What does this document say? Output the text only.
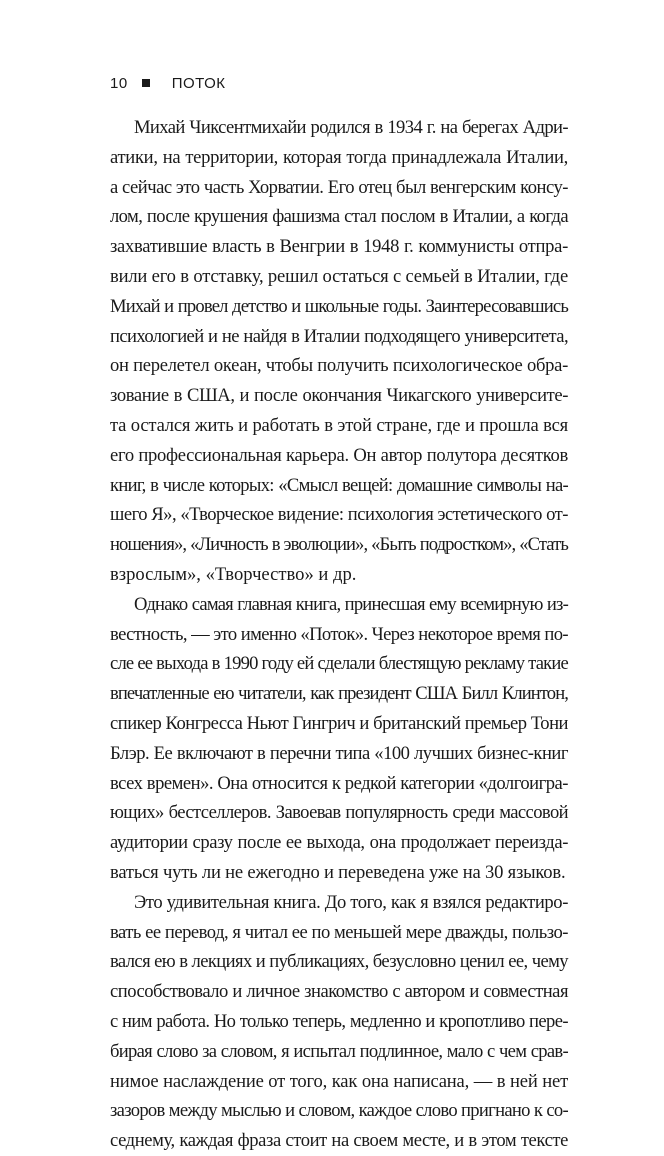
10	ПОТОК
Михай Чиксентмихайи родился в 1934 г. на берегах Адри-
атики, на территории, которая тогда принадлежала Италии,
а сейчас это часть Хорватии. Его отец был венгерским консу-
лом, после крушения фашизма стал послом в Италии, а когда
захватившие власть в Венгрии в 1948 г. коммунисты отпра-
вили его в отставку, решил остаться с семьей в Италии, где
Михай и провел детство и школьные годы. Заинтересовавшись
психологией и не найдя в Италии подходящего университета,
он перелетел океан, чтобы получить психологическое обра-
зование в США, и после окончания Чикагского университе-
та остался жить и работать в этой стране, где и прошла вся
его профессиональная карьера. Он автор полутора десятков
книг, в числе которых: «Смысл вещей: домашние символы на-
шего Я», «Творческое видение: психология эстетического от-
ношения», «Личность в эволюции», «Быть подростком», «Стать
взрослым», «Творчество» и др.
Однако самая главная книга, принесшая ему всемирную из-
вестность, — это именно «Поток». Через некоторое время по-
сле ее выхода в 1990 году ей сделали блестящую рекламу такие
впечатленные ею читатели, как президент США Билл Клинтон,
спикер Конгресса Ньют Гингрич и британский премьер Тони
Блэр. Ее включают в перечни типа «100 лучших бизнес-книг
всех времен». Она относится к редкой категории «долгоигра-
ющих» бестселлеров. Завоевав популярность среди массовой
аудитории сразу после ее выхода, она продолжает переизда-
ваться чуть ли не ежегодно и переведена уже на 30 языков.
Это удивительная книга. До того, как я взялся редактиро-
вать ее перевод, я читал ее по меньшей мере дважды, пользо-
вался ею в лекциях и публикациях, безусловно ценил ее, чему
способствовало и личное знакомство с автором и совместная
с ним работа. Но только теперь, медленно и кропотливо пере-
бирая слово за словом, я испытал подлинное, мало с чем срав-
нимое наслаждение от того, как она написана, — в ней нет
зазоров между мыслью и словом, каждое слово пригнано к со-
седнему, каждая фраза стоит на своем месте, и в этом тексте
